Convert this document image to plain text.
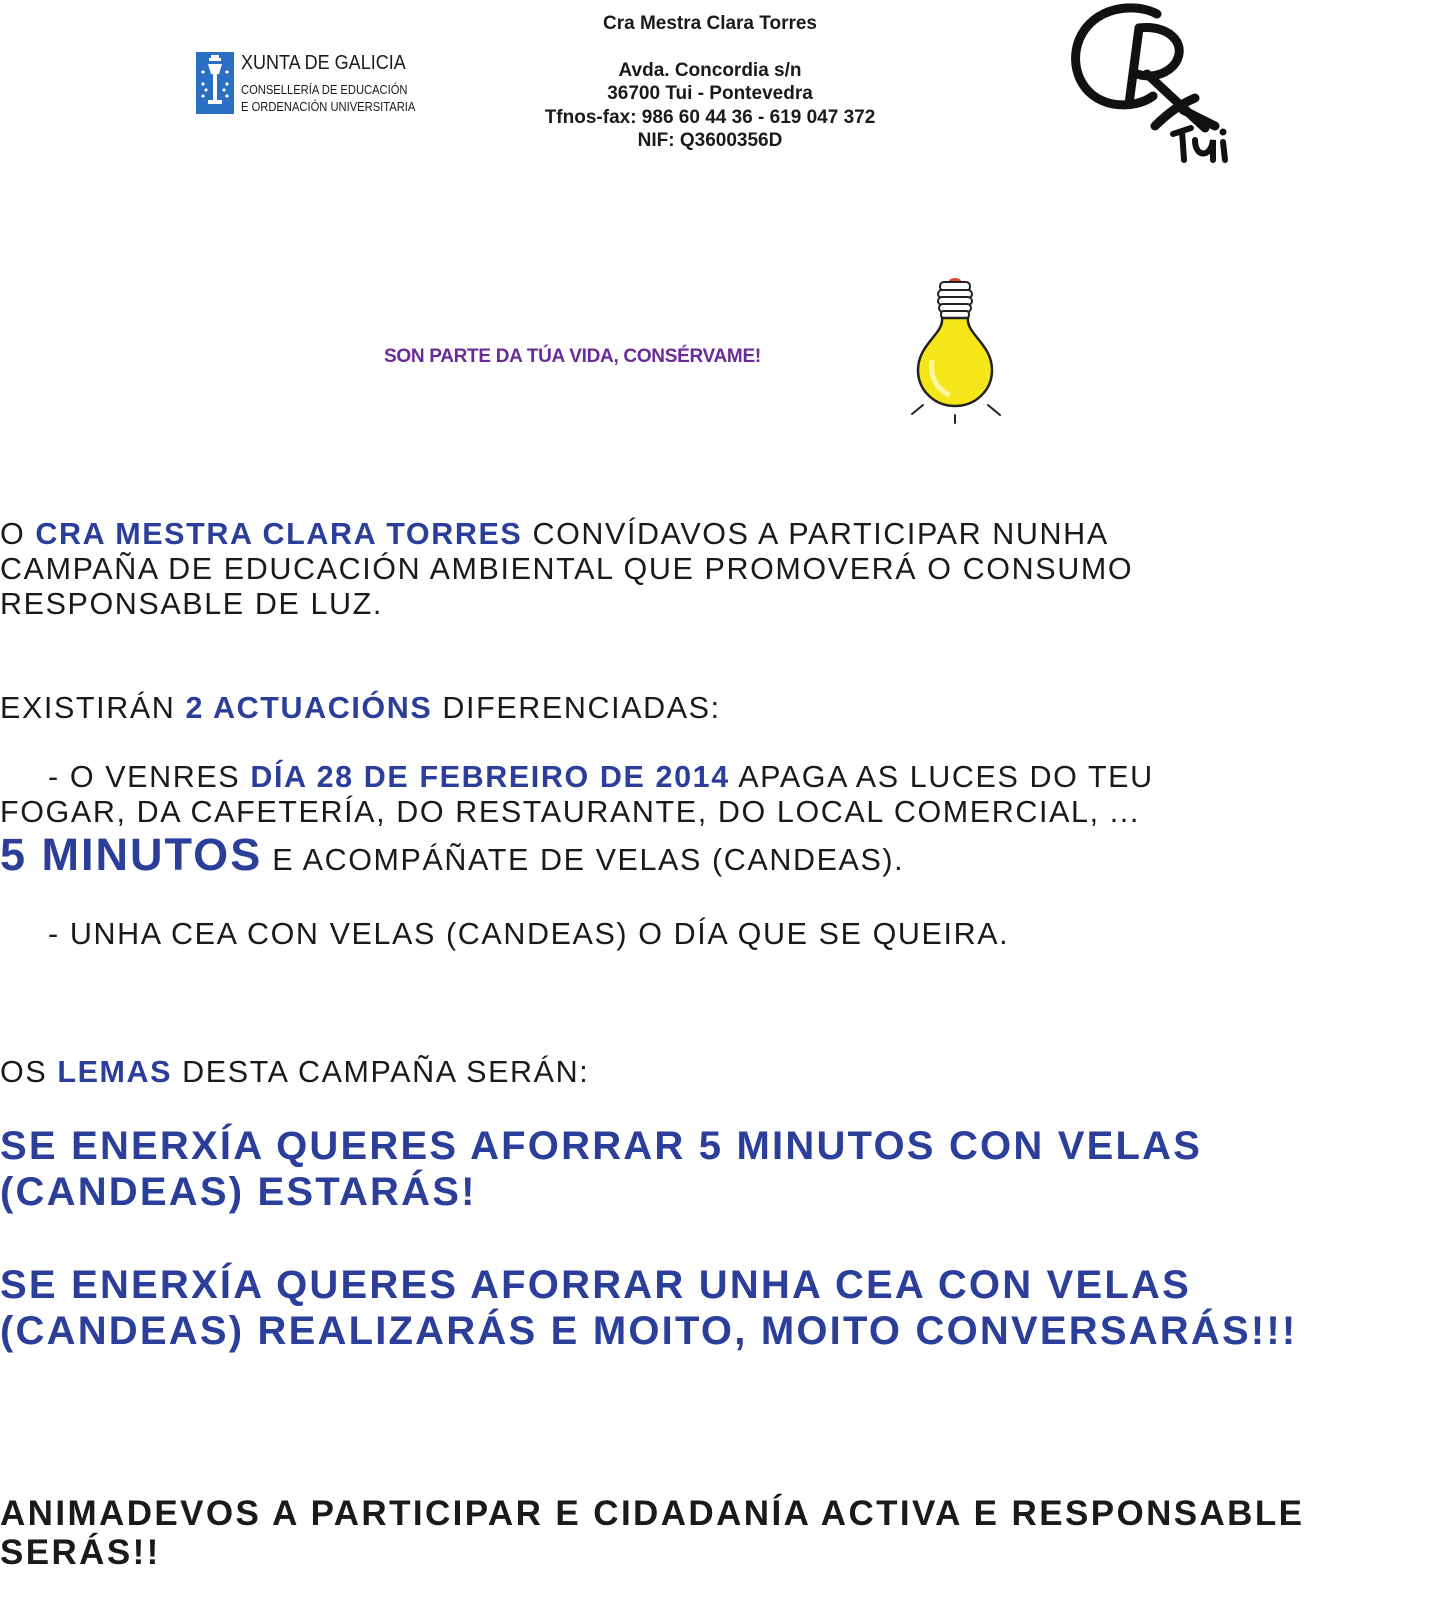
XUNTA DE GALICIA
CONSELLERÍA DE EDUCACIÓN
E ORDENACIÓN UNIVERSITARIA
Cra Mestra Clara Torres
Avda. Concordia s/n
36700 Tui - Pontevedra
Tfnos-fax: 986 60 44 36 - 619 047 372
NIF: Q3600356D
SON PARTE DA TÚA VIDA, CONSÉRVAME!
O CRA MESTRA CLARA TORRES CONVÍDAVOS A PARTICIPAR NUNHA
CAMPAÑA DE EDUCACIÓN AMBIENTAL QUE PROMOVERÁ O CONSUMO
RESPONSABLE DE LUZ.
EXISTIRÁN 2 ACTUACIÓNS DIFERENCIADAS:
- O VENRES DÍA 28 DE FEBREIRO DE 2014 APAGA AS LUCES DO TEU
FOGAR, DA CAFETERÍA, DO RESTAURANTE, DO LOCAL COMERCIAL, ...
5 MINUTOS E ACOMPÁÑATE DE VELAS (CANDEAS).
- UNHA CEA CON VELAS (CANDEAS) O DÍA QUE SE QUEIRA.
OS LEMAS DESTA CAMPAÑA SERÁN:
SE ENERXÍA QUERES AFORRAR 5 MINUTOS CON VELAS
(CANDEAS) ESTARÁS!
SE ENERXÍA QUERES AFORRAR UNHA CEA CON VELAS
(CANDEAS) REALIZARÁS E MOITO, MOITO CONVERSARÁS!!!
ANIMADEVOS A PARTICIPAR E CIDADANÍA ACTIVA E RESPONSABLE
SERÁS!!
